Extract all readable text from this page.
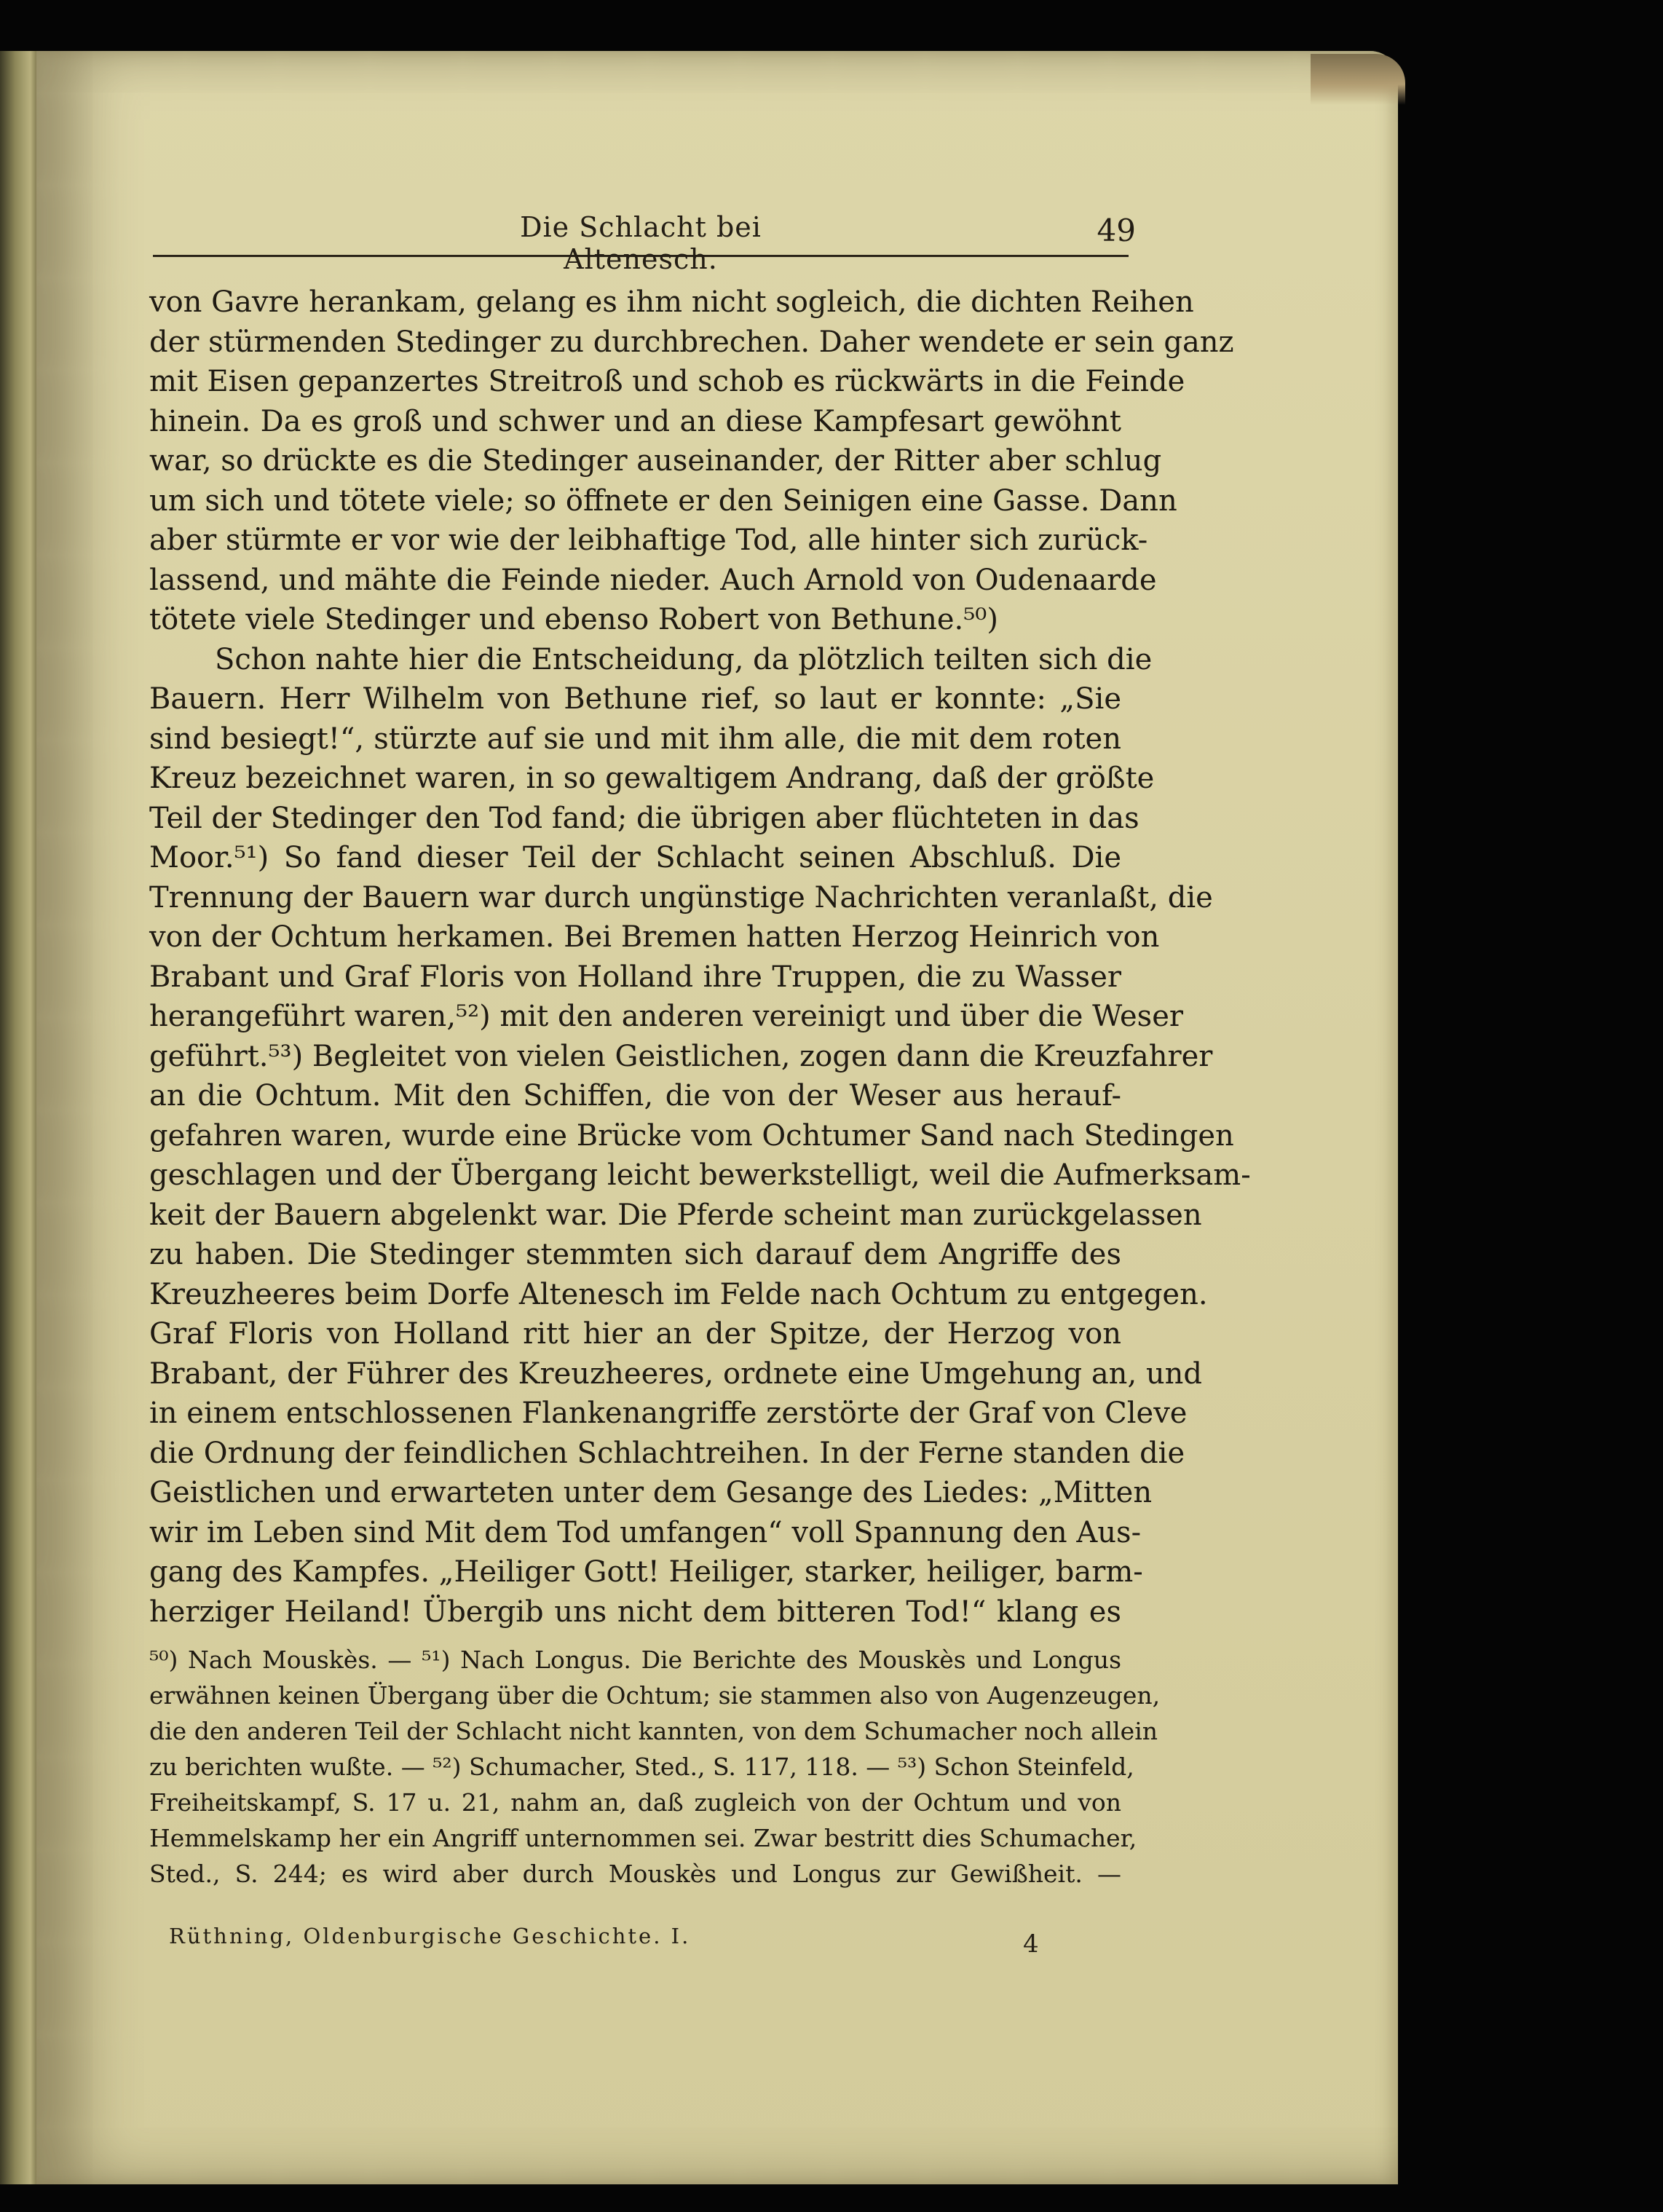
Die Schlacht bei Altenesch.
49
von Gavre herankam, gelang es ihm nicht sogleich, die dichten Reihen
der stürmenden Stedinger zu durchbrechen. Daher wendete er sein ganz
mit Eisen gepanzertes Streitroß und schob es rückwärts in die Feinde
hinein. Da es groß und schwer und an diese Kampfesart gewöhnt
war, so drückte es die Stedinger auseinander, der Ritter aber schlug
um sich und tötete viele; so öffnete er den Seinigen eine Gasse. Dann
aber stürmte er vor wie der leibhaftige Tod, alle hinter sich zurück-
lassend, und mähte die Feinde nieder. Auch Arnold von Oudenaarde
tötete viele Stedinger und ebenso Robert von Bethune.⁵⁰)
Schon nahte hier die Entscheidung, da plötzlich teilten sich die
Bauern. Herr Wilhelm von Bethune rief, so laut er konnte: „Sie
sind besiegt!“, stürzte auf sie und mit ihm alle, die mit dem roten
Kreuz bezeichnet waren, in so gewaltigem Andrang, daß der größte
Teil der Stedinger den Tod fand; die übrigen aber flüchteten in das
Moor.⁵¹) So fand dieser Teil der Schlacht seinen Abschluß. Die
Trennung der Bauern war durch ungünstige Nachrichten veranlaßt, die
von der Ochtum herkamen. Bei Bremen hatten Herzog Heinrich von
Brabant und Graf Floris von Holland ihre Truppen, die zu Wasser
herangeführt waren,⁵²) mit den anderen vereinigt und über die Weser
geführt.⁵³) Begleitet von vielen Geistlichen, zogen dann die Kreuzfahrer
an die Ochtum. Mit den Schiffen, die von der Weser aus herauf-
gefahren waren, wurde eine Brücke vom Ochtumer Sand nach Stedingen
geschlagen und der Übergang leicht bewerkstelligt, weil die Aufmerksam-
keit der Bauern abgelenkt war. Die Pferde scheint man zurückgelassen
zu haben. Die Stedinger stemmten sich darauf dem Angriffe des
Kreuzheeres beim Dorfe Altenesch im Felde nach Ochtum zu entgegen.
Graf Floris von Holland ritt hier an der Spitze, der Herzog von
Brabant, der Führer des Kreuzheeres, ordnete eine Umgehung an, und
in einem entschlossenen Flankenangriffe zerstörte der Graf von Cleve
die Ordnung der feindlichen Schlachtreihen. In der Ferne standen die
Geistlichen und erwarteten unter dem Gesange des Liedes: „Mitten
wir im Leben sind Mit dem Tod umfangen“ voll Spannung den Aus-
gang des Kampfes. „Heiliger Gott! Heiliger, starker, heiliger, barm-
herziger Heiland! Übergib uns nicht dem bitteren Tod!“ klang es
⁵⁰) Nach Mouskès. — ⁵¹) Nach Longus. Die Berichte des Mouskès und Longus
erwähnen keinen Übergang über die Ochtum; sie stammen also von Augenzeugen,
die den anderen Teil der Schlacht nicht kannten, von dem Schumacher noch allein
zu berichten wußte. — ⁵²) Schumacher, Sted., S. 117, 118. — ⁵³) Schon Steinfeld,
Freiheitskampf, S. 17 u. 21, nahm an, daß zugleich von der Ochtum und von
Hemmelskamp her ein Angriff unternommen sei. Zwar bestritt dies Schumacher,
Sted., S. 244; es wird aber durch Mouskès und Longus zur Gewißheit. —
Rüthning, Oldenburgische Geschichte. I.	4
